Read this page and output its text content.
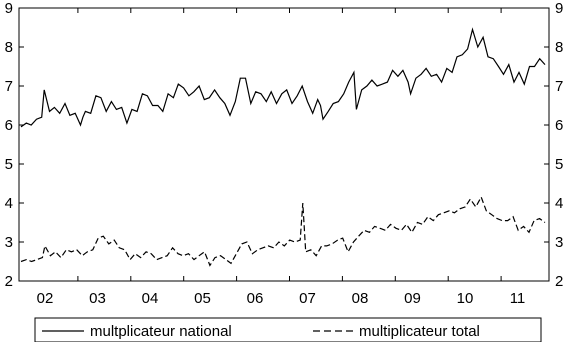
2
3
4
5
6
7
8
9
2
3
4
5
6
7
8
9
02 03 04 05 06 07 08 09 10 11
multplicateur national	multiplicateur total
